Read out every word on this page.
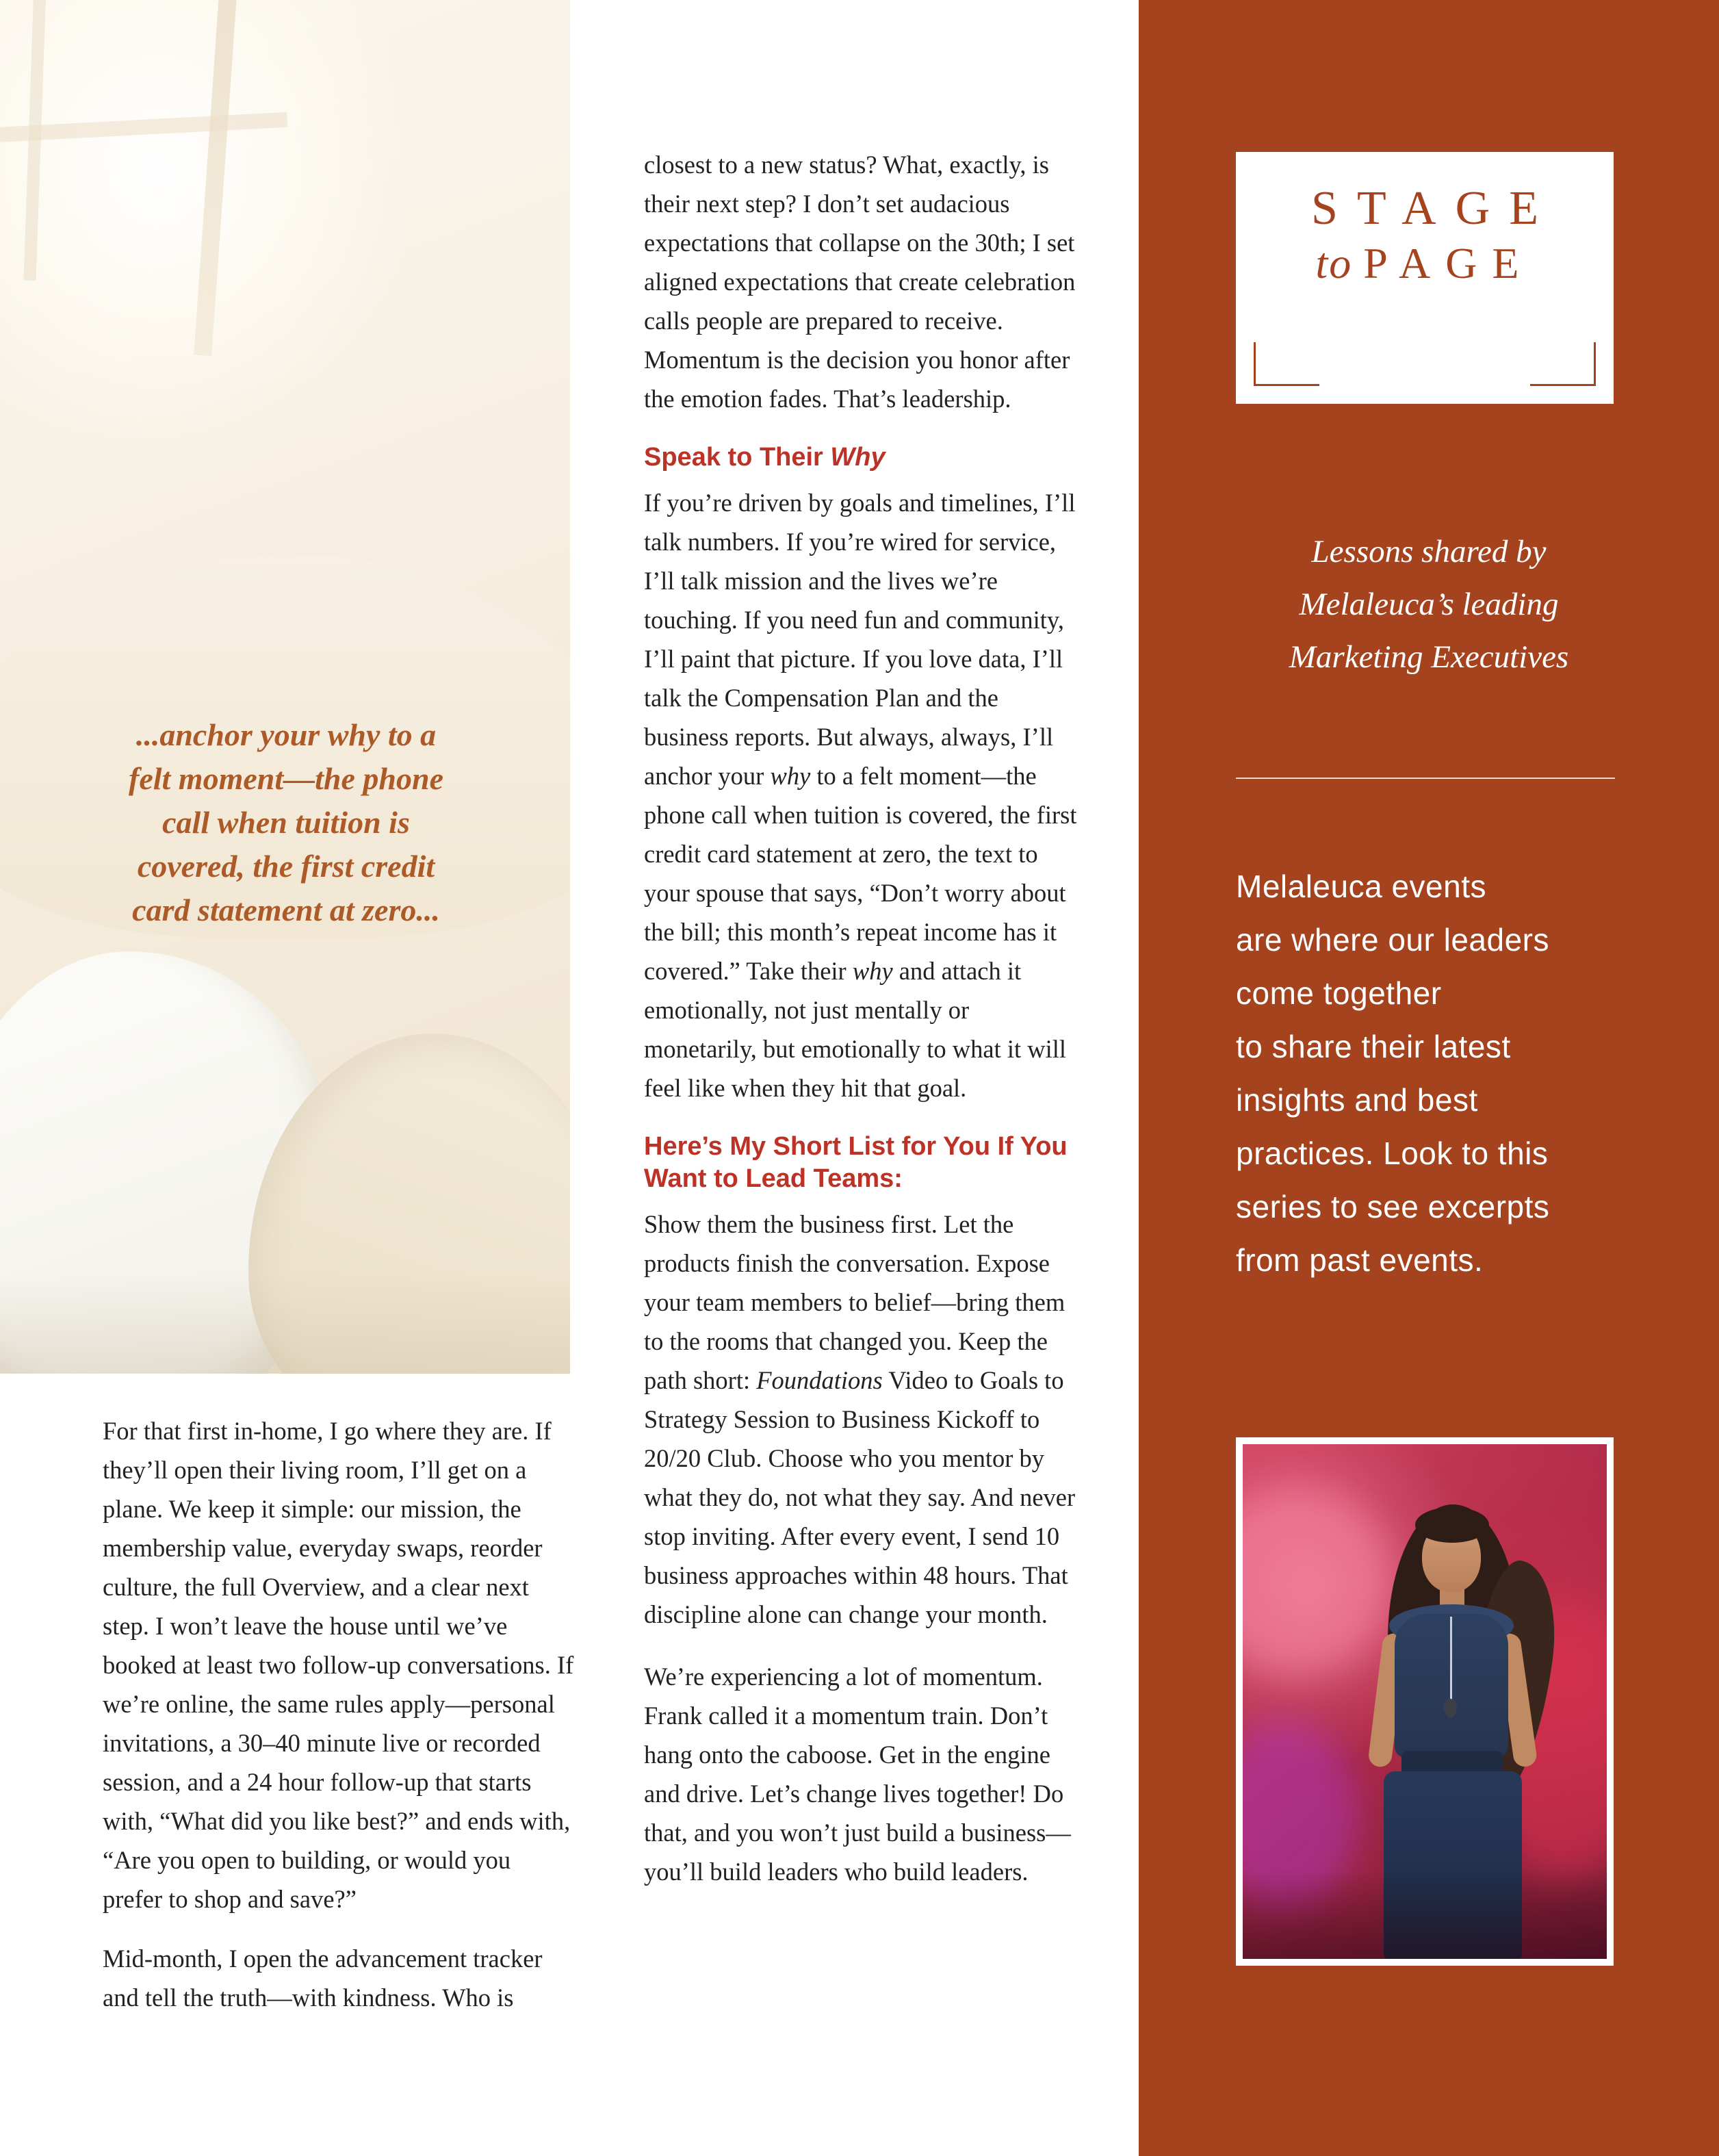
...anchor your why to a
felt moment—the phone
call when tuition is
covered, the first credit
card statement at zero...

For that first in-home, I go where they are. If they’ll open their living room, I’ll get on a plane. We keep it simple: our mission, the membership value, everyday swaps, reorder culture, the full Overview, and a clear next step. I won’t leave the house until we’ve booked at least two follow-up conversations. If we’re online, the same rules apply—personal invitations, a 30–40 minute live or recorded session, and a 24 hour follow-up that starts with, “What did you like best?” and ends with, “Are you open to building, or would you prefer to shop and save?”

Mid-month, I open the advancement tracker and tell the truth—with kindness. Who is

closest to a new status? What, exactly, is their next step? I don’t set audacious expectations that collapse on the 30th; I set aligned expectations that create celebration calls people are prepared to receive. Momentum is the decision you honor after the emotion fades. That’s leadership.

Speak to Their Why

If you’re driven by goals and timelines, I’ll talk numbers. If you’re wired for service, I’ll talk mission and the lives we’re touching. If you need fun and community, I’ll paint that picture. If you love data, I’ll talk the Compensation Plan and the business reports. But always, always, I’ll anchor your why to a felt moment—the phone call when tuition is covered, the first credit card statement at zero, the text to your spouse that says, “Don’t worry about the bill; this month’s repeat income has it covered.” Take their why and attach it emotionally, not just mentally or monetarily, but emotionally to what it will feel like when they hit that goal.

Here’s My Short List for You If You Want to Lead Teams:

Show them the business first. Let the products finish the conversation. Expose your team members to belief—bring them to the rooms that changed you. Keep the path short: Foundations Video to Goals to Strategy Session to Business Kickoff to 20/20 Club. Choose who you mentor by what they do, not what they say. And never stop inviting. After every event, I send 10 business approaches within 48 hours. That discipline alone can change your month.

We’re experiencing a lot of momentum. Frank called it a momentum train. Don’t hang onto the caboose. Get in the engine and drive. Let’s change lives together! Do that, and you won’t just build a business—you’ll build leaders who build leaders.

STAGE
to PAGE
Lessons shared by
Melaleuca’s leading
Marketing Executives
Melaleuca events
are where our leaders
come together
to share their latest
insights and best
practices. Look to this
series to see excerpts
from past events.
